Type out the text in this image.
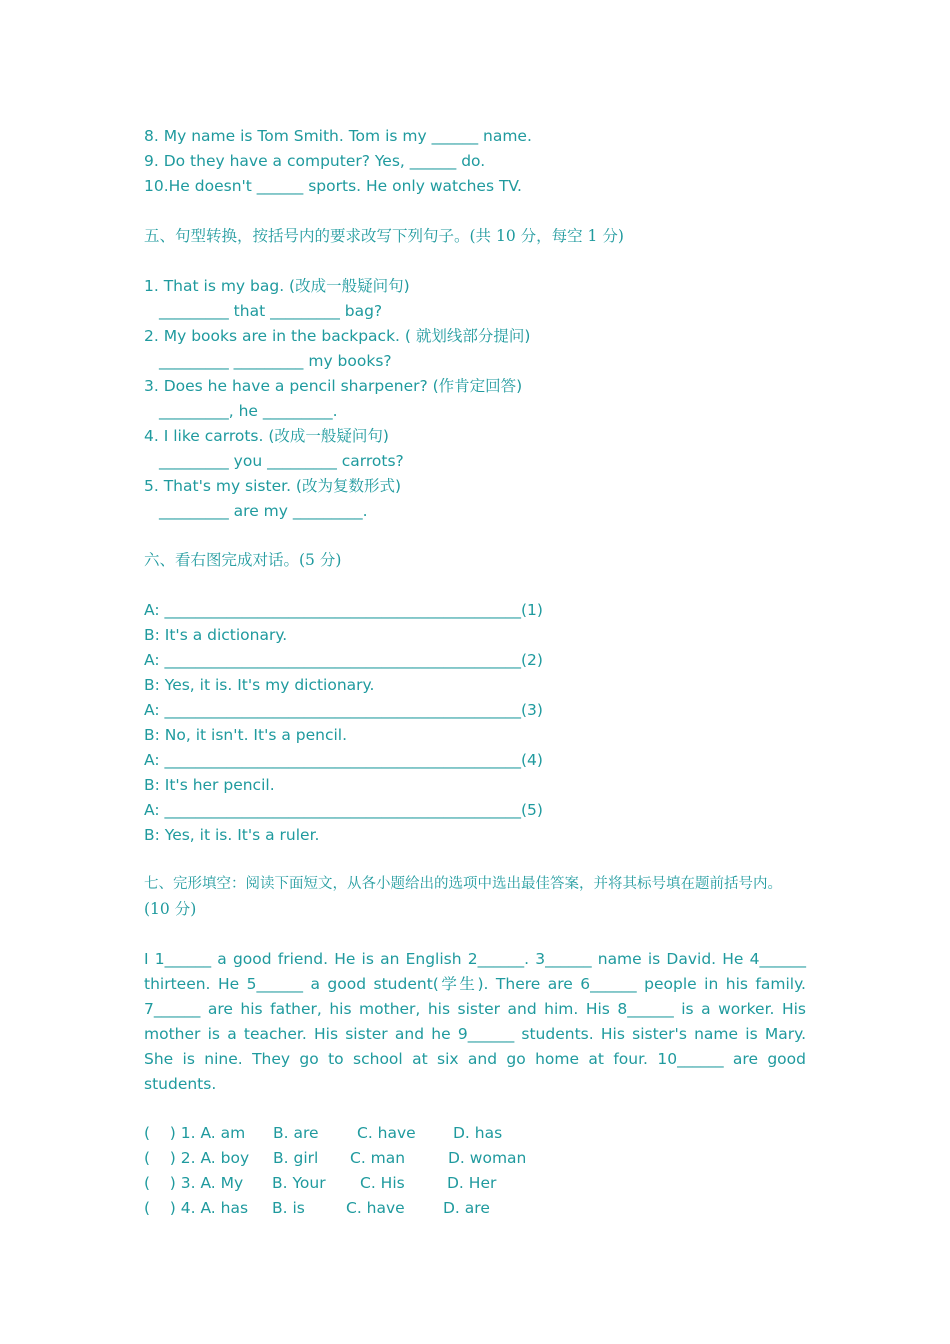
8. My name is Tom Smith. Tom is my ______ name.
9. Do they have a computer? Yes, ______ do.
10.He doesn't ______ sports. He only watches TV.
五、句型转换，按括号内的要求改写下列句子。(共 10 分，每空 1 分)
1. That is my bag. (改成一般疑问句)
_________ that _________ bag?
2. My books are in the backpack. ( 就划线部分提问)
_________ _________ my books?
3. Does he have a pencil sharpener? (作肯定回答)
_________, he _________.
4. I like carrots. (改成一般疑问句)
_________ you _________ carrots?
5. That's my sister. (改为复数形式)
_________ are my _________.
六、看右图完成对话。(5 分)
A: ______________________________________________(1)
B: It's a dictionary.
A: ______________________________________________(2)
B: Yes, it is. It's my dictionary.
A: ______________________________________________(3)
B: No, it isn't. It's a pencil.
A: ______________________________________________(4)
B: It's her pencil.
A: ______________________________________________(5)
B: Yes, it is. It's a ruler.
七、完形填空：阅读下面短文，从各小题给出的选项中选出最佳答案，并将其标号填在题前括号内。
(10 分)
I 1______ a good friend. He is an English 2______. 3______ name is David. He 4______
thirteen. He 5______ a good student(学生). There are 6______ people in his family.
7______ are his father, his mother, his sister and him. His 8______ is a worker. His
mother is a teacher. His sister and he 9______ students. His sister's name is Mary.
She is nine. They go to school at six and go home at four. 10______ are good
students.
(    ) 1. A. am B. are C. have D. has
(    ) 2. A. boy B. girl C. man	D. woman
(    ) 3. A. My B. Your C. His	D. Her
(    ) 4. A. has B. is	C. have D. are
